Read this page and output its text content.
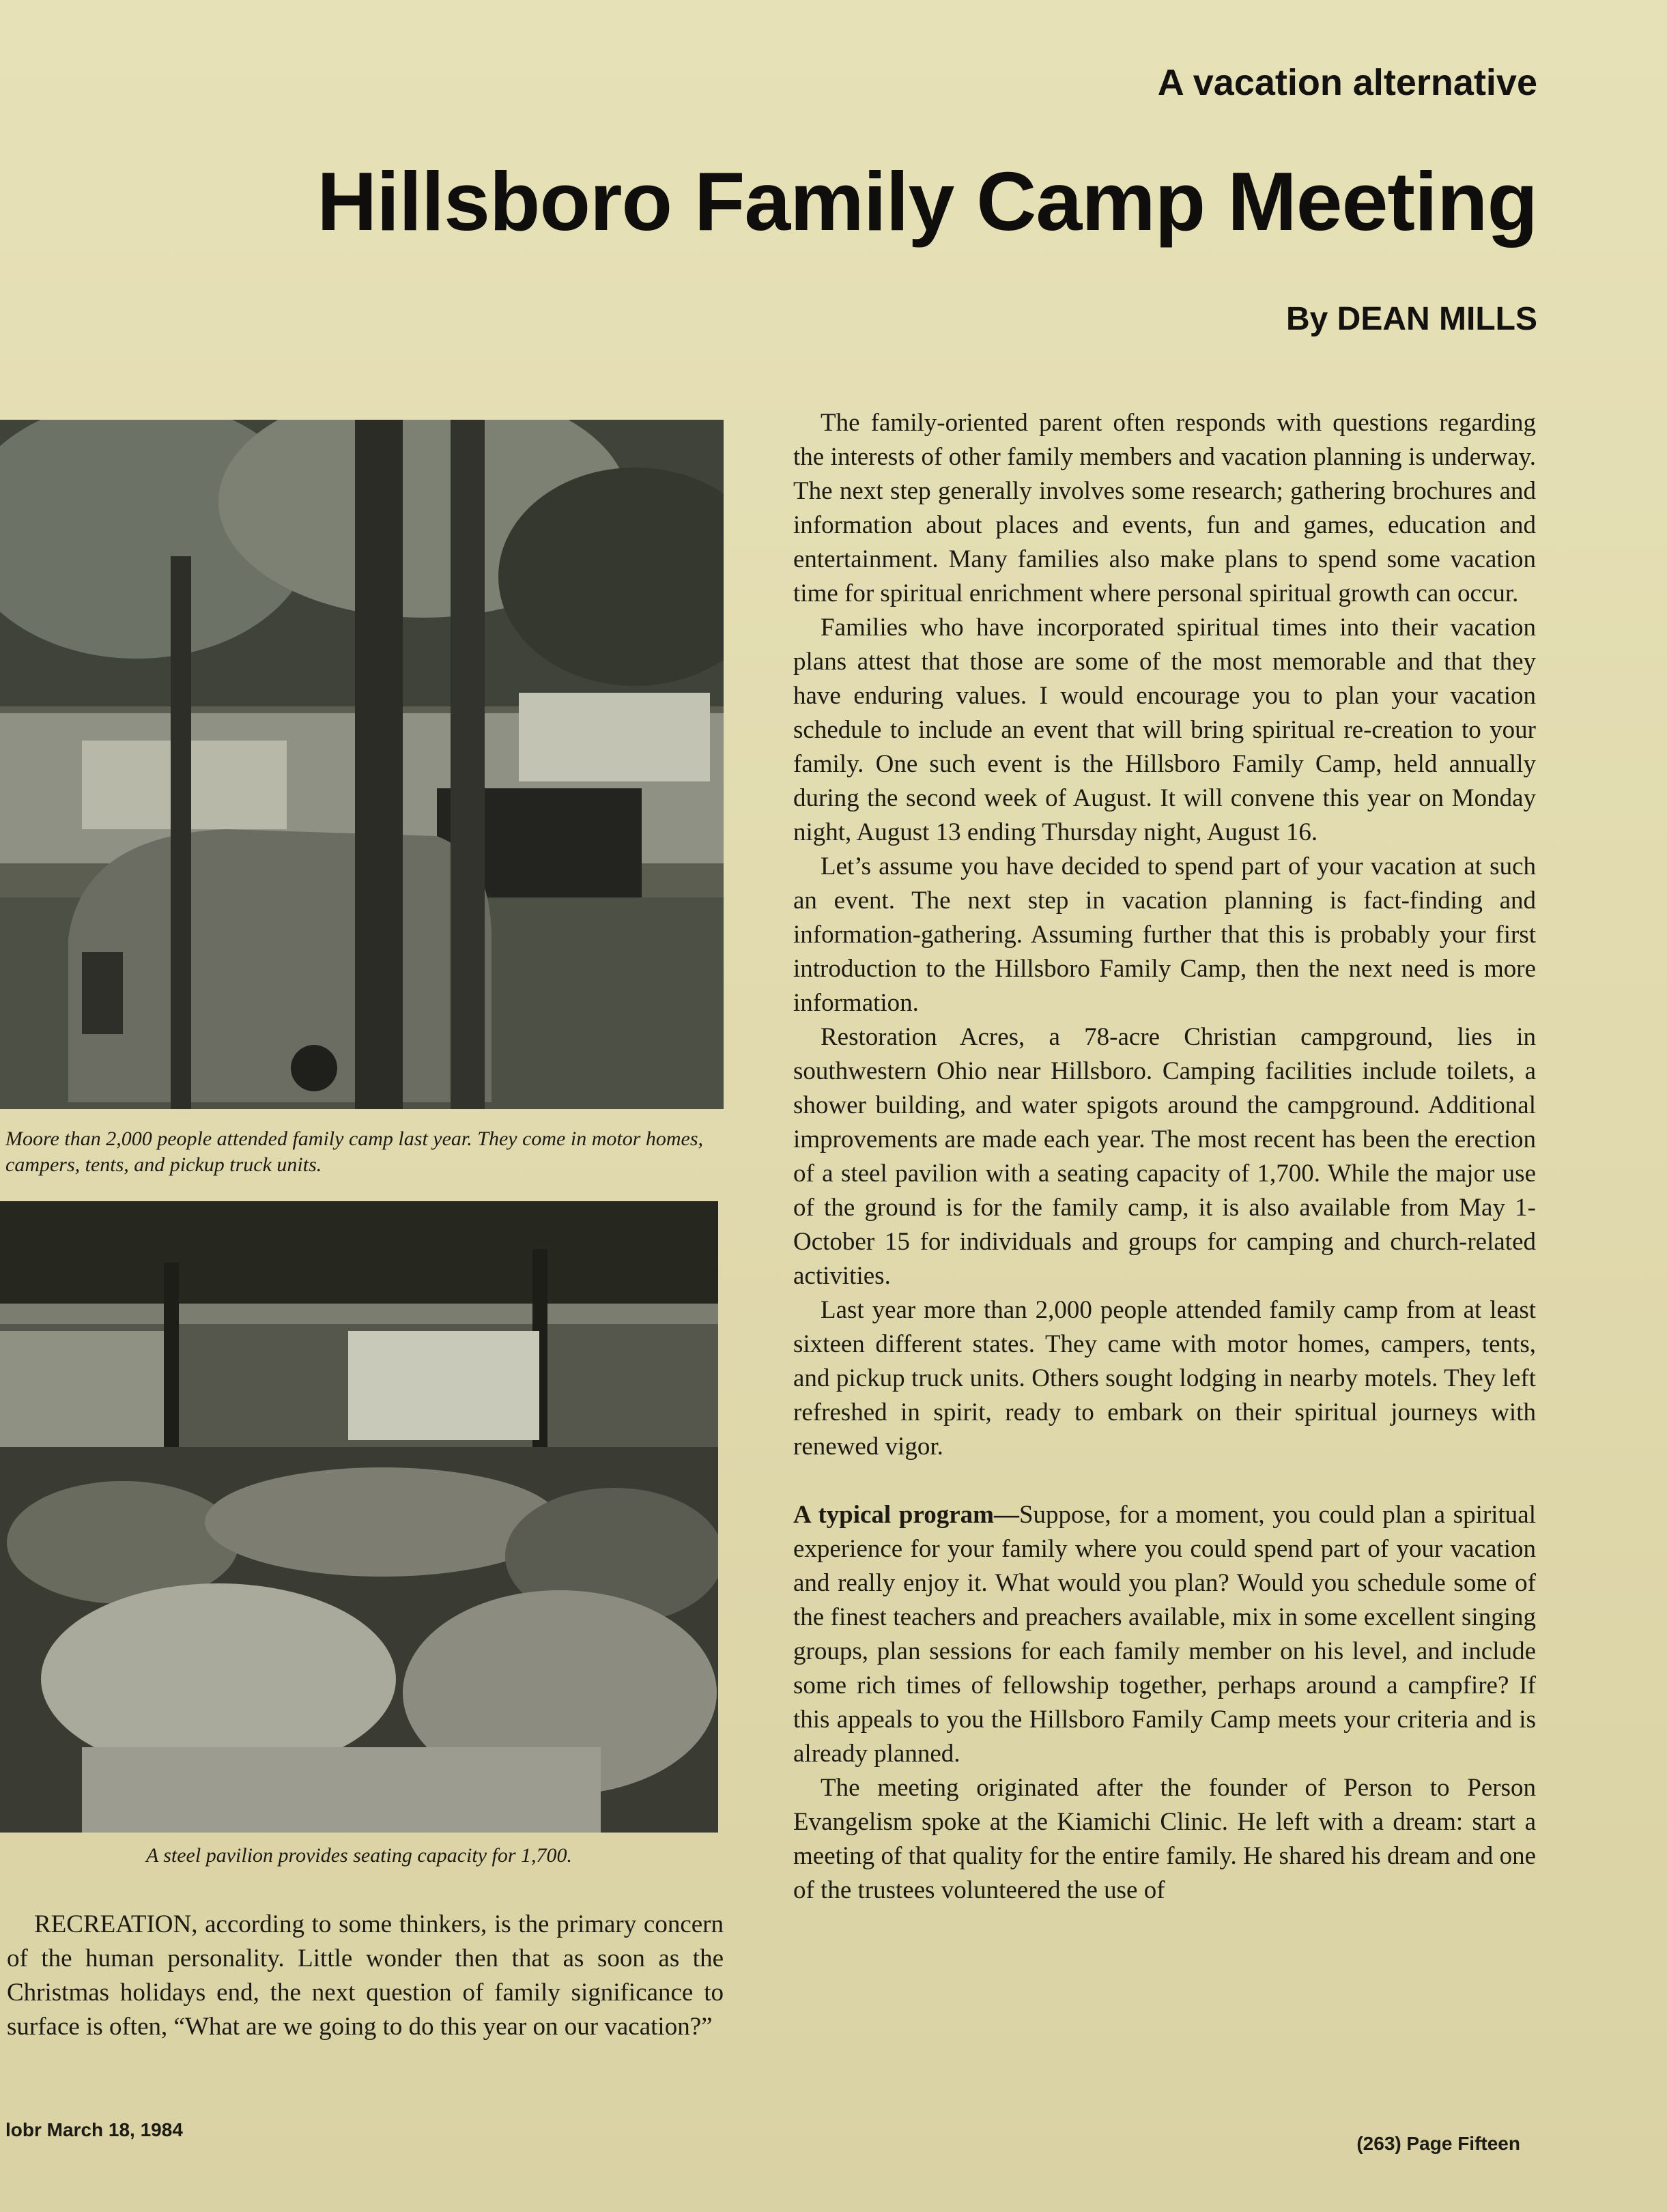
A vacation alternative

Hillsboro Family Camp Meeting

By DEAN MILLS

Moore than 2,000 people attended family camp last year. They come in motor homes, campers, tents, and pickup truck units.

A steel pavilion provides seating capacity for 1,700.

RECREATION, according to some thinkers, is the primary concern of the human personality. Little wonder then that as soon as the Christmas holidays end, the next question of family significance to surface is often, “What are we going to do this year on our vacation?”

The family-oriented parent often responds with questions regarding the interests of other family members and vacation planning is underway. The next step generally involves some research; gathering brochures and information about places and events, fun and games, education and entertainment. Many families also make plans to spend some vacation time for spiritual enrichment where personal spiritual growth can occur.

Families who have incorporated spiritual times into their vacation plans attest that those are some of the most memorable and that they have enduring values. I would encourage you to plan your vacation schedule to include an event that will bring spiritual re-creation to your family. One such event is the Hillsboro Family Camp, held annually during the second week of August. It will convene this year on Monday night, August 13 ending Thursday night, August 16.

Let’s assume you have decided to spend part of your vacation at such an event. The next step in vacation planning is fact-finding and information-gathering. Assuming further that this is probably your first introduction to the Hillsboro Family Camp, then the next need is more information.

Restoration Acres, a 78-acre Christian campground, lies in southwestern Ohio near Hillsboro. Camping facilities include toilets, a shower building, and water spigots around the campground. Additional improvements are made each year. The most recent has been the erection of a steel pavilion with a seating capacity of 1,700. While the major use of the ground is for the family camp, it is also available from May 1-October 15 for individuals and groups for camping and church-related activities.

Last year more than 2,000 people attended family camp from at least sixteen different states. They came with motor homes, campers, tents, and pickup truck units. Others sought lodging in nearby motels. They left refreshed in spirit, ready to embark on their spiritual journeys with renewed vigor.

A typical program—Suppose, for a moment, you could plan a spiritual experience for your family where you could spend part of your vacation and really enjoy it. What would you plan? Would you schedule some of the finest teachers and preachers available, mix in some excellent singing groups, plan sessions for each family member on his level, and include some rich times of fellowship together, perhaps around a campfire? If this appeals to you the Hillsboro Family Camp meets your criteria and is already planned.

The meeting originated after the founder of Person to Person Evangelism spoke at the Kiamichi Clinic. He left with a dream: start a meeting of that quality for the entire family. He shared his dream and one of the trustees volunteered the use of

lobr March 18, 1984

(263) Page Fifteen
